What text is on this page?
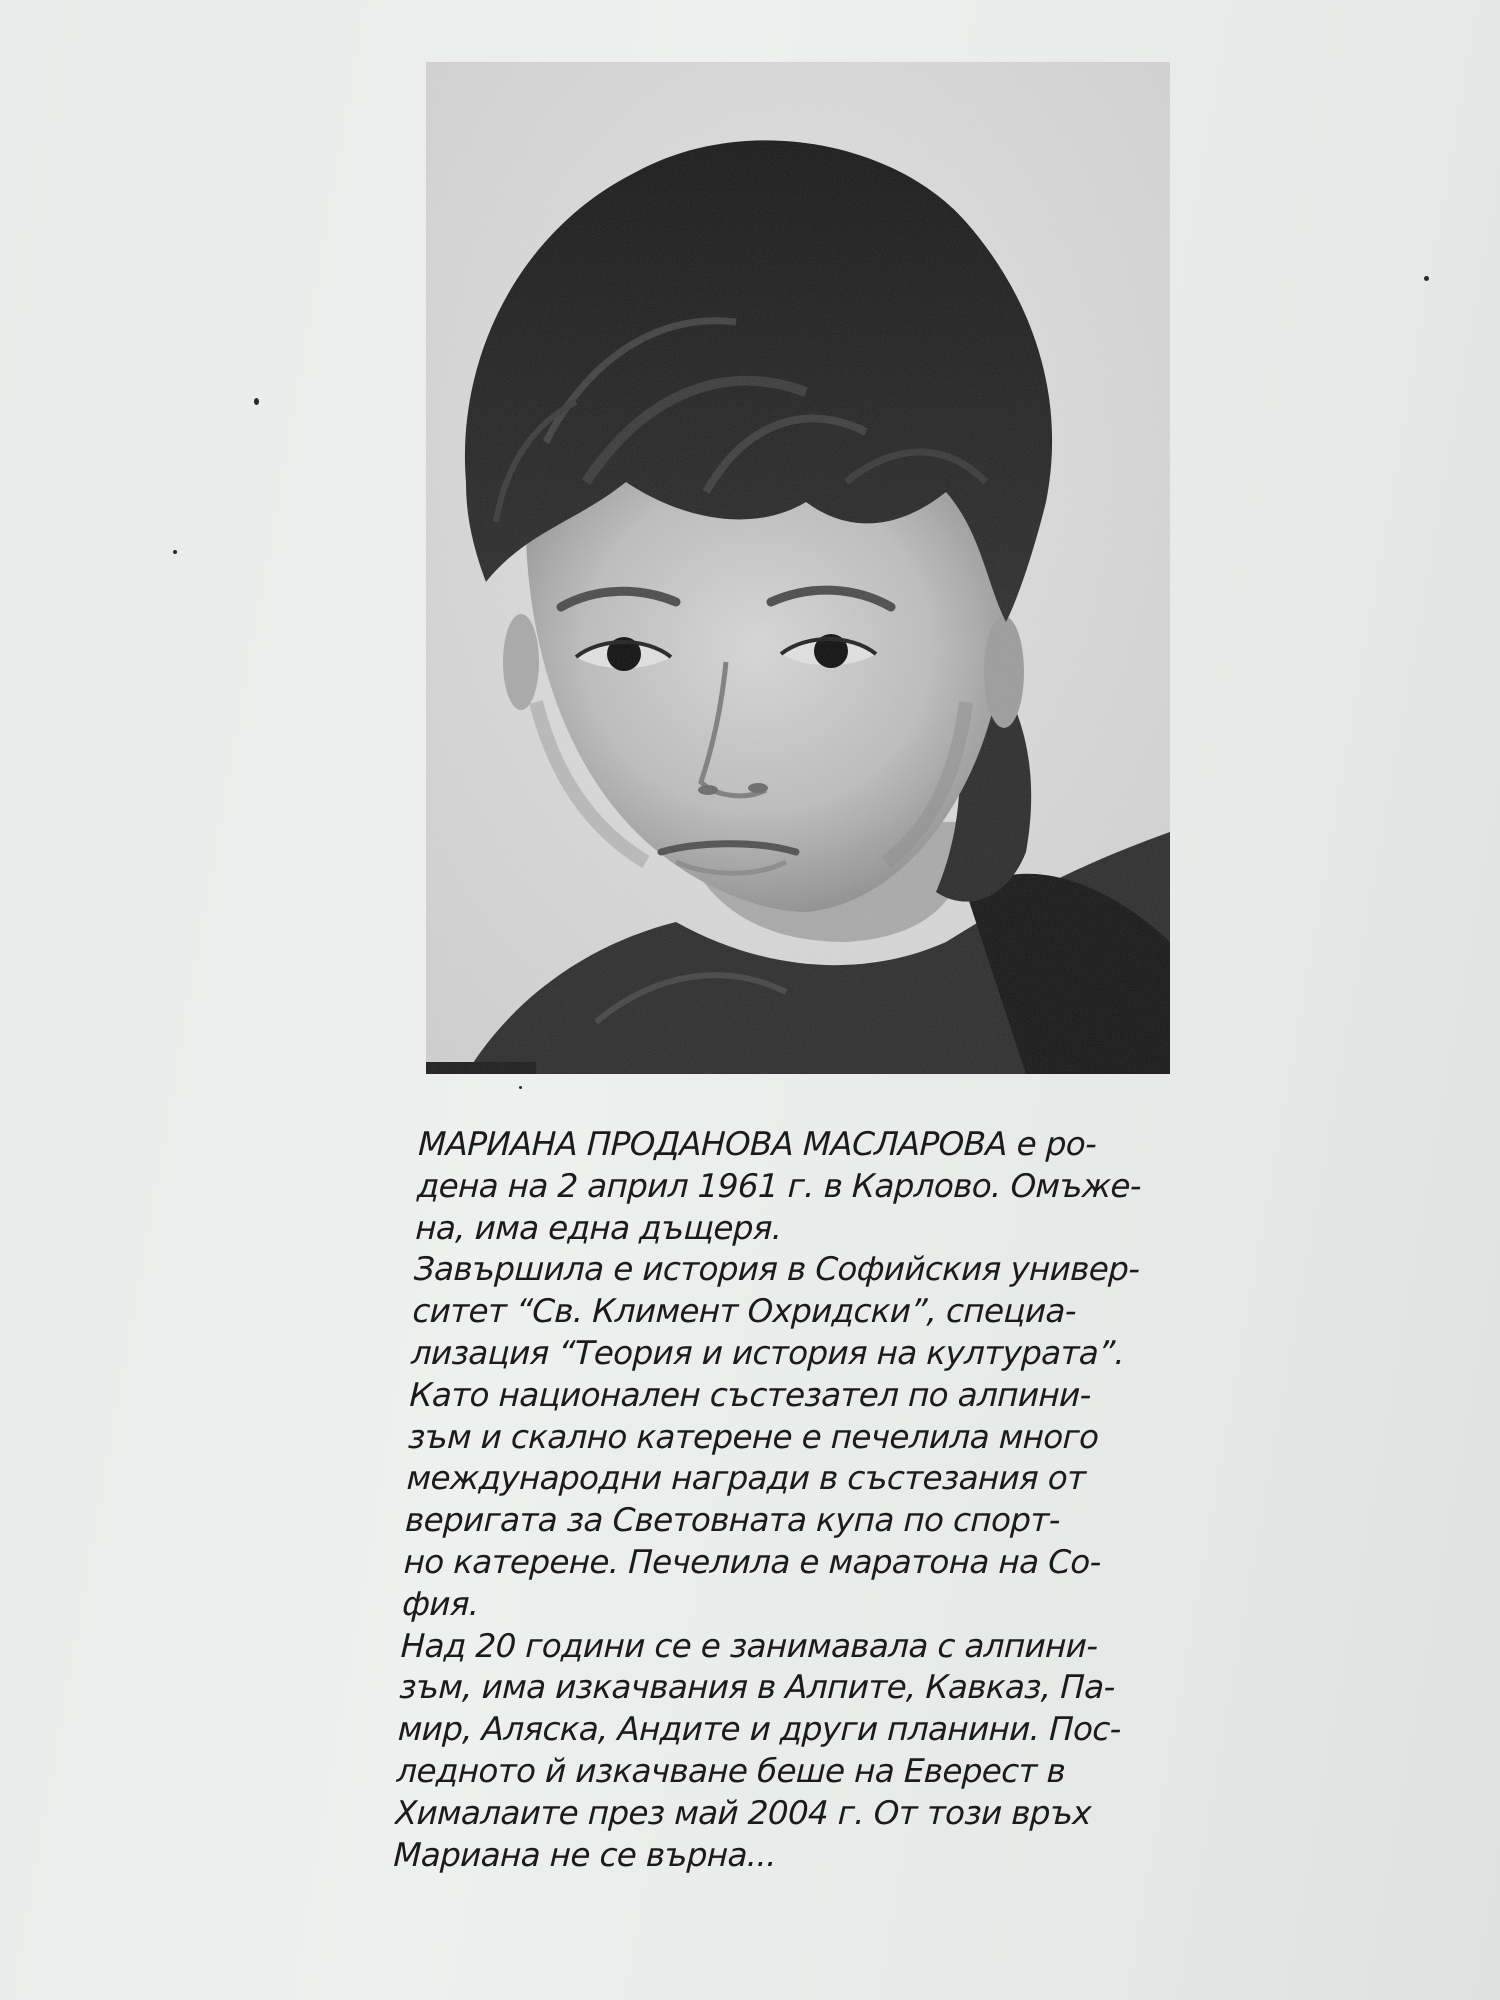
МАРИАНА ПРОДАНОВА МАСЛАРОВА е ро-
дена на 2 април 1961 г. в Карлово. Омъже-
на, има една дъщеря.
Завършила е история в Софийския универ-
ситет “Св. Климент Охридски”, специа-
лизация “Теория и история на културата”.
Като национален състезател по алпини-
зъм и скално катерене е печелила много
международни награди в състезания от
веригата за Световната купа по спорт-
но катерене. Печелила е маратона на Со-
фия.
Над 20 години се е занимавала с алпини-
зъм, има изкачвания в Алпите, Кавказ, Па-
мир, Аляска, Андите и други планини. Пос-
ледното й изкачване беше на Еверест в
Хималаите през май 2004 г. От този връх
Мариана не се върна...
